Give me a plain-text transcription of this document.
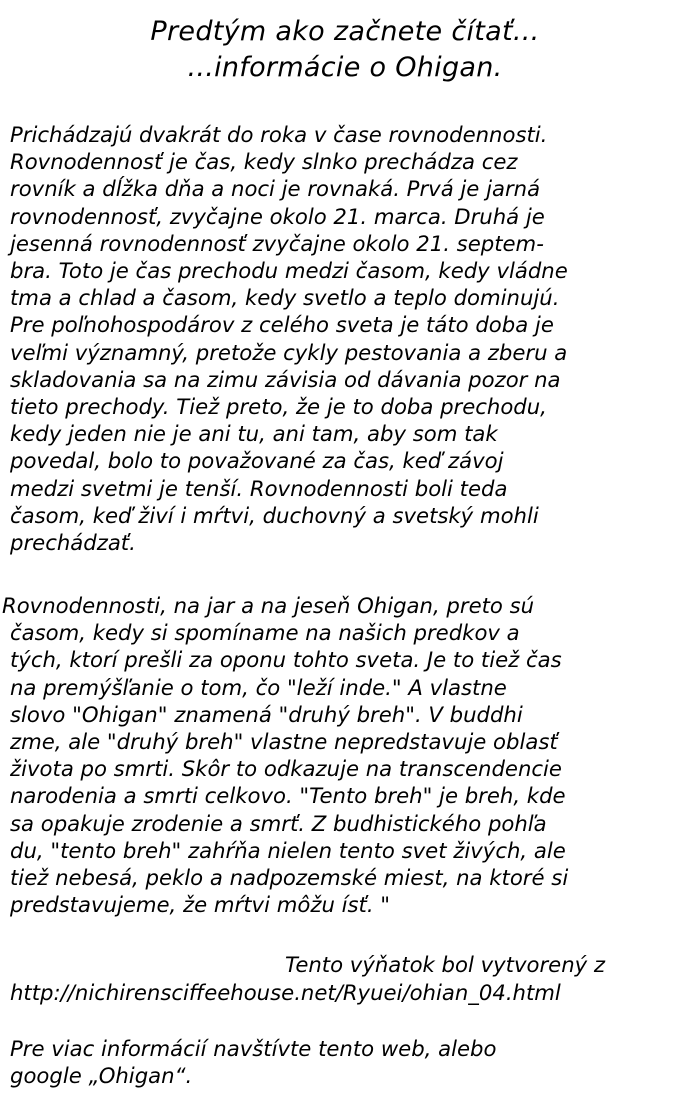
Predtým ako začnete čítať...
...informácie o Ohigan.
Prichádzajú dvakrát do roka v čase rovnodennosti.
Rovnodennosť je čas, kedy slnko prechádza cez
rovník a dĺžka dňa a noci je rovnaká. Prvá je jarná
rovnodennosť, zvyčajne okolo 21. marca. Druhá je
jesenná rovnodennosť zvyčajne okolo 21. septem-
bra. Toto je čas prechodu medzi časom, kedy vládne
tma a chlad a časom, kedy svetlo a teplo dominujú.
Pre poľnohospodárov z celého sveta je táto doba je
veľmi významný, pretože cykly pestovania a zberu a
skladovania sa na zimu závisia od dávania pozor na
tieto prechody. Tiež preto, že je to doba prechodu,
kedy jeden nie je ani tu, ani tam, aby som tak
povedal, bolo to považované za čas, keď závoj
medzi svetmi je tenší. Rovnodennosti boli teda
časom, keď živí i mŕtvi, duchovný a svetský mohli
prechádzať.
Rovnodennosti, na jar a na jeseň Ohigan, preto sú
časom, kedy si spomíname na našich predkov a
tých, ktorí prešli za oponu tohto sveta. Je to tiež čas
na premýšľanie o tom, čo "leží inde." A vlastne
slovo "Ohigan" znamená "druhý breh". V buddhi
zme, ale "druhý breh" vlastne nepredstavuje oblasť
života po smrti. Skôr to odkazuje na transcendencie
narodenia a smrti celkovo. "Tento breh" je breh, kde
sa opakuje zrodenie a smrť. Z budhistického pohľa
du, "tento breh" zahŕňa nielen tento svet živých, ale
tiež nebesá, peklo a nadpozemské miest, na ktoré si
predstavujeme, že mŕtvi môžu ísť. "
Tento výňatok bol vytvorený z
http://nichirensciffeehouse.net/Ryuei/ohian_04.html
Pre viac informácií navštívte tento web, alebo
google „Ohigan“.
